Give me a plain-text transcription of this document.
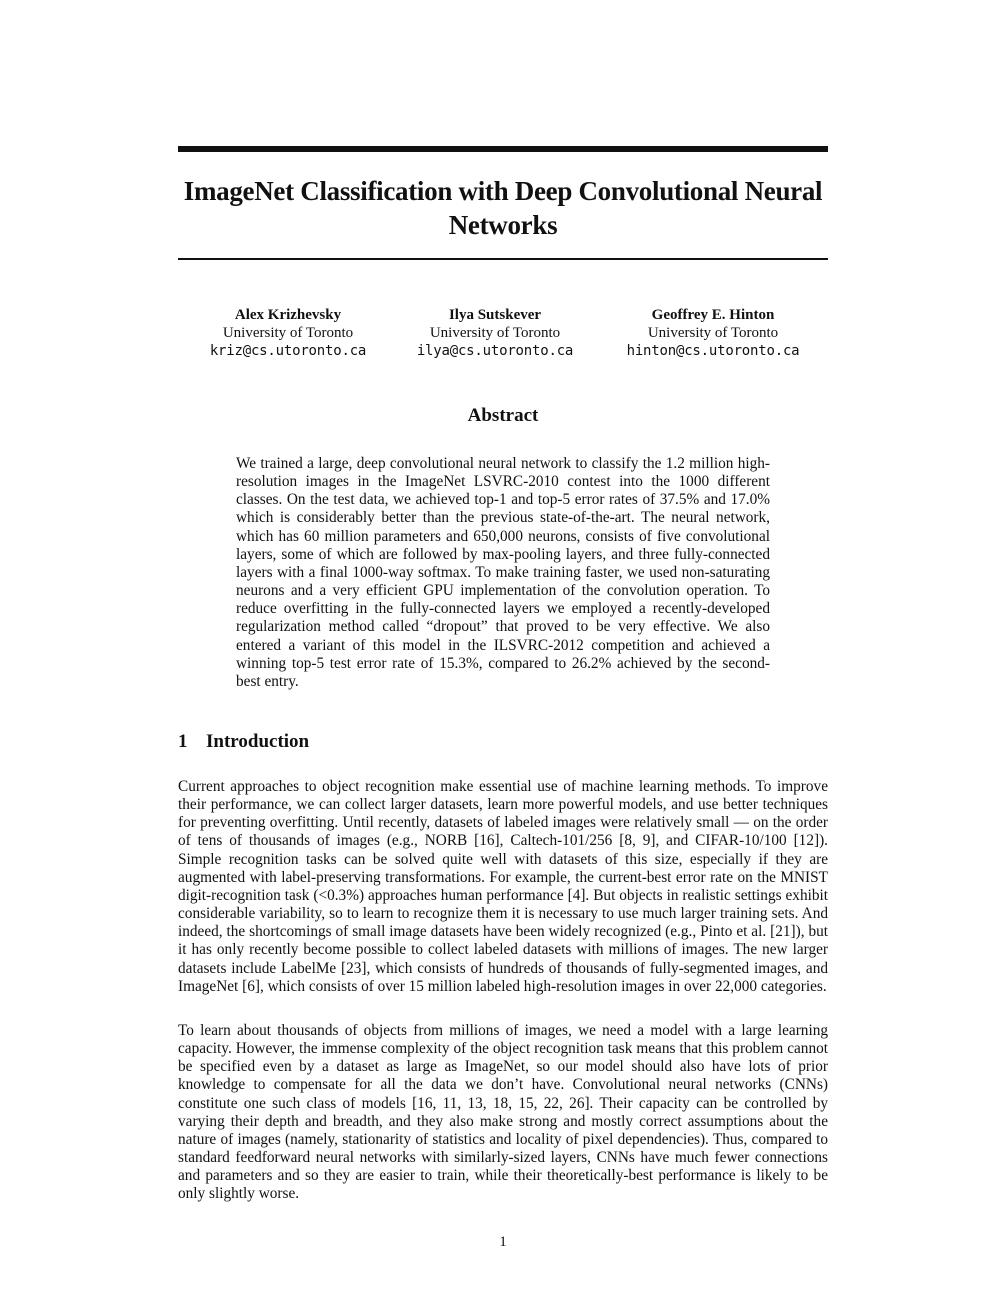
ImageNet Classification with Deep Convolutional Neural Networks
Alex Krizhevsky
University of Toronto
kriz@cs.utoronto.ca
Ilya Sutskever
University of Toronto
ilya@cs.utoronto.ca
Geoffrey E. Hinton
University of Toronto
hinton@cs.utoronto.ca
Abstract
We trained a large, deep convolutional neural network to classify the 1.2 million high-resolution images in the ImageNet LSVRC-2010 contest into the 1000 different classes. On the test data, we achieved top-1 and top-5 error rates of 37.5% and 17.0% which is considerably better than the previous state-of-the-art. The neural network, which has 60 million parameters and 650,000 neurons, consists of five convolutional layers, some of which are followed by max-pooling layers, and three fully-connected layers with a final 1000-way softmax. To make training faster, we used non-saturating neurons and a very efficient GPU implementation of the convolution operation. To reduce overfitting in the fully-connected layers we employed a recently-developed regularization method called “dropout” that proved to be very effective. We also entered a variant of this model in the ILSVRC-2012 competition and achieved a winning top-5 test error rate of 15.3%, compared to 26.2% achieved by the second-best entry.
1 Introduction

Current approaches to object recognition make essential use of machine learning methods. To improve their performance, we can collect larger datasets, learn more powerful models, and use better techniques for preventing overfitting. Until recently, datasets of labeled images were relatively small — on the order of tens of thousands of images (e.g., NORB [16], Caltech-101/256 [8, 9], and CIFAR-10/100 [12]). Simple recognition tasks can be solved quite well with datasets of this size, especially if they are augmented with label-preserving transformations. For example, the current-best error rate on the MNIST digit-recognition task (<0.3%) approaches human performance [4]. But objects in realistic settings exhibit considerable variability, so to learn to recognize them it is necessary to use much larger training sets. And indeed, the shortcomings of small image datasets have been widely recognized (e.g., Pinto et al. [21]), but it has only recently become possible to collect labeled datasets with millions of images. The new larger datasets include LabelMe [23], which consists of hundreds of thousands of fully-segmented images, and ImageNet [6], which consists of over 15 million labeled high-resolution images in over 22,000 categories.

To learn about thousands of objects from millions of images, we need a model with a large learning capacity. However, the immense complexity of the object recognition task means that this problem cannot be specified even by a dataset as large as ImageNet, so our model should also have lots of prior knowledge to compensate for all the data we don’t have. Convolutional neural networks (CNNs) constitute one such class of models [16, 11, 13, 18, 15, 22, 26]. Their capacity can be controlled by varying their depth and breadth, and they also make strong and mostly correct assumptions about the nature of images (namely, stationarity of statistics and locality of pixel dependencies). Thus, compared to standard feedforward neural networks with similarly-sized layers, CNNs have much fewer connections and parameters and so they are easier to train, while their theoretically-best performance is likely to be only slightly worse.

1
